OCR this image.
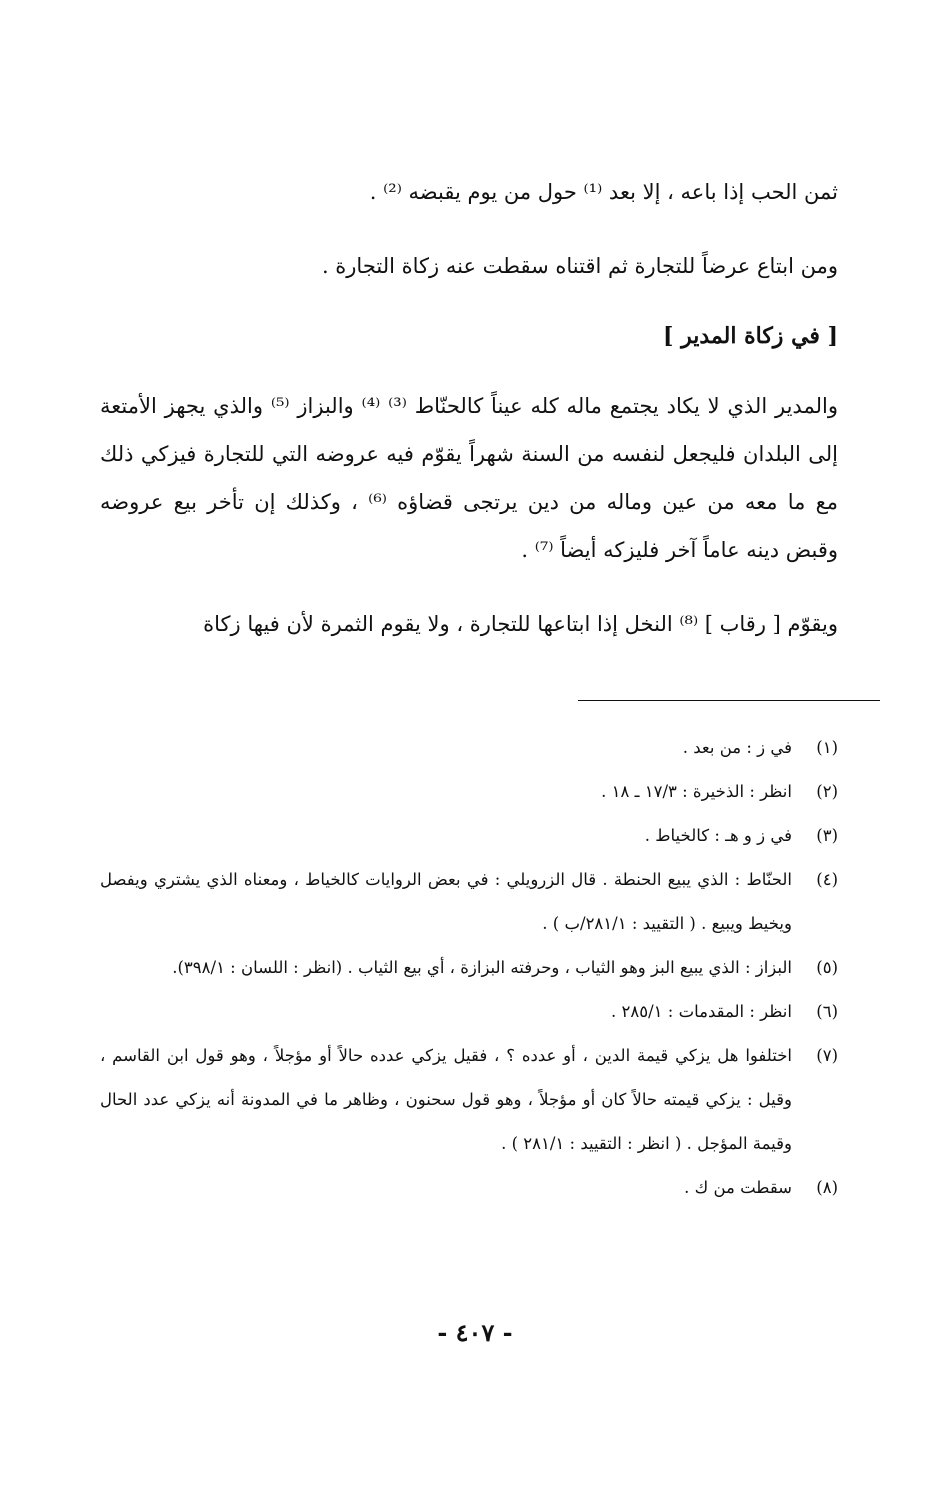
ثمن الحب إذا باعه ، إلا بعد ⁽¹⁾ حول من يوم يقبضه ⁽²⁾ .

ومن ابتاع عرضاً للتجارة ثم اقتناه سقطت عنه زكاة التجارة .

[ في زكاة المدير ]

والمدير الذي لا يكاد يجتمع ماله كله عيناً كالحنّاط ⁽³⁾ ⁽⁴⁾ والبزاز ⁽⁵⁾ والذي يجهز الأمتعة إلى البلدان فليجعل لنفسه من السنة شهراً يقوّم فيه عروضه التي للتجارة فيزكي ذلك مع ما معه من عين وماله من دين يرتجى قضاؤه ⁽⁶⁾ ، وكذلك إن تأخر بيع عروضه وقبض دينه عاماً آخر فليزكه أيضاً ⁽⁷⁾ .

ويقوّم [ رقاب ] ⁽⁸⁾ النخل إذا ابتاعها للتجارة ، ولا يقوم الثمرة لأن فيها زكاة

(١)
في ز : من بعد .
(٢)
انظر : الذخيرة : ١٧/٣ ـ ١٨ .
(٣)
في ز و هـ : كالخياط .
(٤)
الحنّاط : الذي يبيع الحنطة . قال الزرويلي : في بعض الروايات كالخياط ، ومعناه الذي يشتري ويفصل ويخيط ويبيع . ( التقييد : ٢٨١/١/ب ) .
(٥)
البزاز : الذي يبيع البز وهو الثياب ، وحرفته البزازة ، أي بيع الثياب . (انظر : اللسان : ٣٩٨/١).
(٦)
انظر : المقدمات : ٢٨٥/١ .
(٧)
اختلفوا هل يزكي قيمة الدين ، أو عدده ؟ ، فقيل يزكي عدده حالاً أو مؤجلاً ، وهو قول ابن القاسم ، وقيل : يزكي قيمته حالاً كان أو مؤجلاً ، وهو قول سحنون ، وظاهر ما في المدونة أنه يزكي عدد الحال وقيمة المؤجل . ( انظر : التقييد : ٢٨١/١ ) .
(٨)
سقطت من ك .
- ٤٠٧ -
